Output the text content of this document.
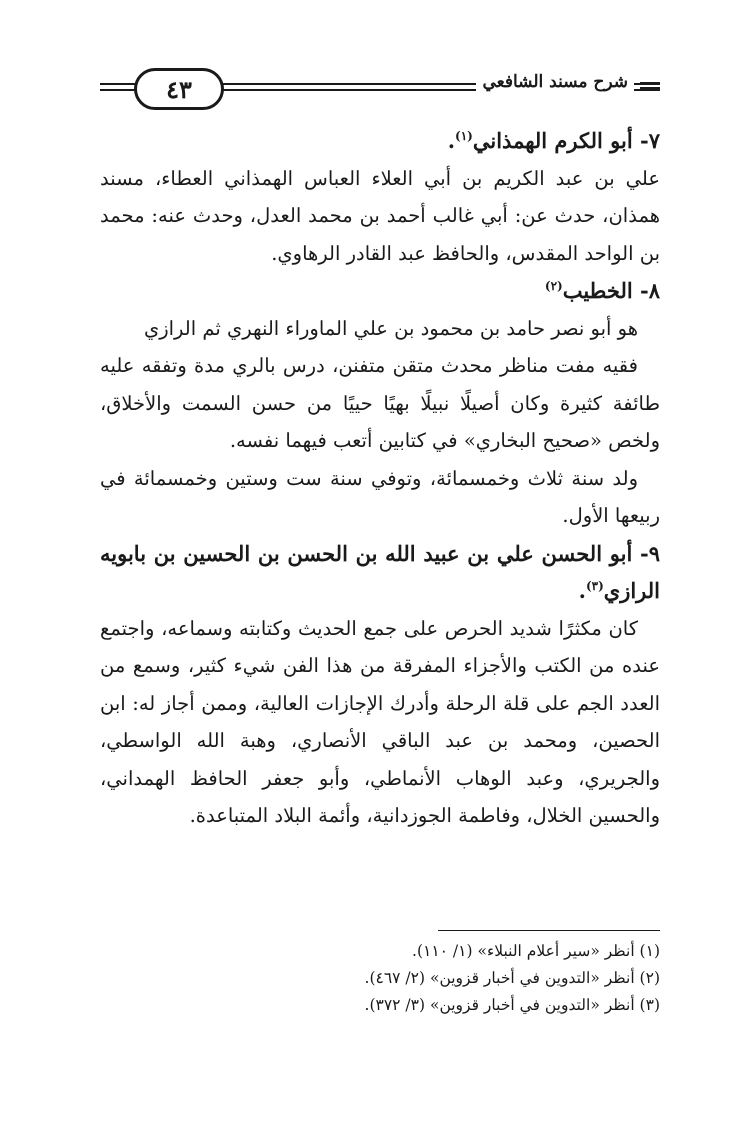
٤٣	شرح مسند الشافعي

٧- أبو الكرم الهمذاني$^{(١)}$.

علي بن عبد الكريم بن أبي العلاء العباس الهمذاني العطاء، مسند همذان، حدث عن: أبي غالب أحمد بن محمد العدل، وحدث عنه: محمد بن الواحد المقدس، والحافظ عبد القادر الرهاوي.

٨- الخطيب$^{(٢)}$

هو أبو نصر حامد بن محمود بن علي الماوراء النهري ثم الرازي

فقيه مفت مناظر محدث متقن متفنن، درس بالري مدة وتفقه عليه طائفة كثيرة وكان أصيلًا نبيلًا بهيًا حييًا من حسن السمت والأخلاق، ولخص «صحيح البخاري» في كتابين أتعب فيهما نفسه.

ولد سنة ثلاث وخمسمائة، وتوفي سنة ست وستين وخمسمائة في ربيعها الأول.

٩- أبو الحسن علي بن عبيد الله بن الحسن بن الحسين بن بابويه الرازي$^{(٣)}$.

كان مكثرًا شديد الحرص على جمع الحديث وكتابته وسماعه، واجتمع عنده من الكتب والأجزاء المفرقة من هذا الفن شيء كثير، وسمع من العدد الجم على قلة الرحلة وأدرك الإجازات العالية، وممن أجاز له: ابن الحصين، ومحمد بن عبد الباقي الأنصاري، وهبة الله الواسطي، والجريري، وعبد الوهاب الأنماطي، وأبو جعفر الحافظ الهمداني، والحسين الخلال، وفاطمة الجوزدانية، وأئمة البلاد المتباعدة.

(١) أنظر «سير أعلام النبلاء» (١/ ١١٠).

(٢) أنظر «التدوين في أخبار قزوين» (٢/ ٤٦٧).

(٣) أنظر «التدوين في أخبار قزوين» (٣/ ٣٧٢).
